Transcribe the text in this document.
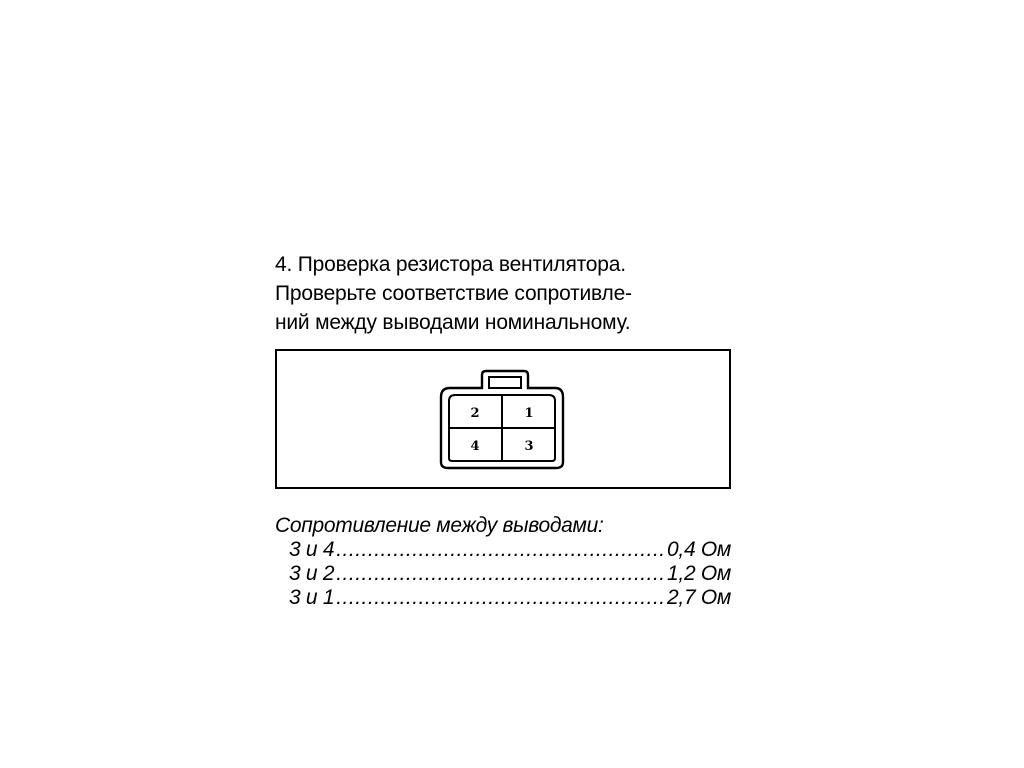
4. Проверка резистора вентилятора.
Проверьте соответствие сопротивле-
ний между выводами номинальному.
2	1
4	3
Сопротивление между выводами:
3 и 4 .....	0,4 Ом
3 и 2 .....	1,2 Ом
3 и 1 .....	2,7 Ом
